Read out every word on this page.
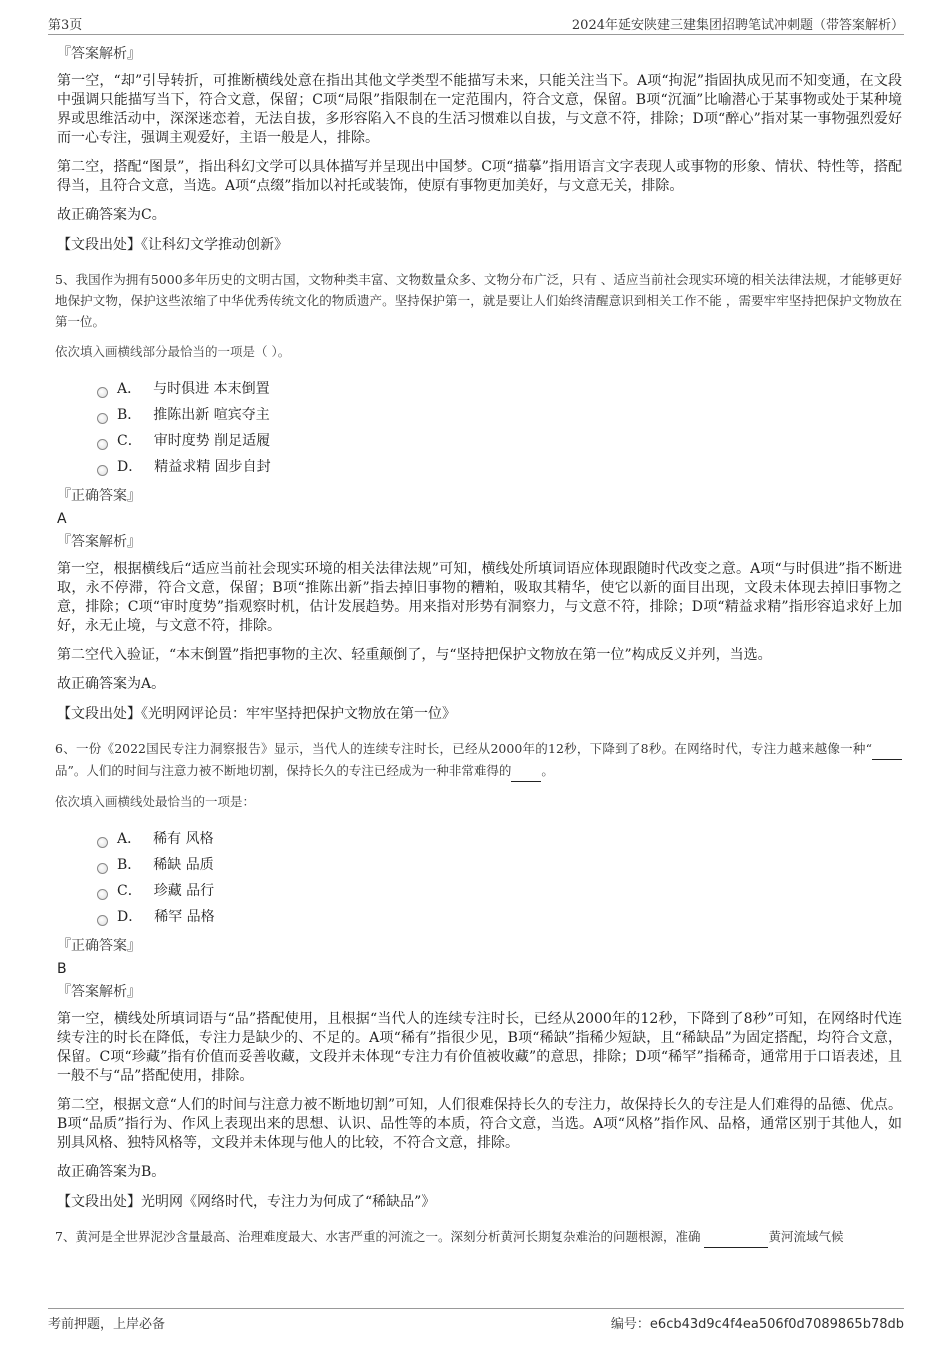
第3页	2024年延安陕建三建集团招聘笔试冲刺题（带答案解析）
『答案解析』

第一空，“却”引导转折，可推断横线处意在指出其他文学类型不能描写未来，只能关注当下。A项“拘泥”指固执成见而不知变通，在文段中强调只能描写当下，符合文意，保留；C项“局限”指限制在一定范围内，符合文意，保留。B项“沉湎”比喻潜心于某事物或处于某种境界或思维活动中，深深迷恋着，无法自拔，多形容陷入不良的生活习惯难以自拔，与文意不符，排除；D项“醉心”指对某一事物强烈爱好而一心专注，强调主观爱好，主语一般是人，排除。

第二空，搭配“图景”，指出科幻文学可以具体描写并呈现出中国梦。C项“描摹”指用语言文字表现人或事物的形象、情状、特性等，搭配得当，且符合文意，当选。A项“点缀”指加以衬托或装饰，使原有事物更加美好，与文意无关，排除。

故正确答案为C。

【文段出处】《让科幻文学推动创新》

5、我国作为拥有5000多年历史的文明古国，文物种类丰富、文物数量众多、文物分布广泛，只有 、适应当前社会现实环境的相关法律法规，才能够更好地保护文物，保护这些浓缩了中华优秀传统文化的物质遗产。坚持保护第一，就是要让人们始终清醒意识到相关工作不能 ，需要牢牢坚持把保护文物放在第一位。

依次填入画横线部分最恰当的一项是（ ）。

A． 与时俱进 本末倒置
B． 推陈出新 喧宾夺主
C． 审时度势 削足适履
D． 精益求精 固步自封
『正确答案』
A
『答案解析』

第一空，根据横线后“适应当前社会现实环境的相关法律法规”可知，横线处所填词语应体现跟随时代改变之意。A项“与时俱进”指不断进取，永不停滞，符合文意，保留；B项“推陈出新”指去掉旧事物的糟粕，吸取其精华，使它以新的面目出现，文段未体现去掉旧事物之意，排除；C项“审时度势”指观察时机，估计发展趋势。用来指对形势有洞察力，与文意不符，排除；D项“精益求精”指形容追求好上加好，永无止境，与文意不符，排除。

第二空代入验证，“本末倒置”指把事物的主次、轻重颠倒了，与“坚持把保护文物放在第一位”构成反义并列，当选。

故正确答案为A。

【文段出处】《光明网评论员：牢牢坚持把保护文物放在第一位》

6、一份《2022国民专注力洞察报告》显示，当代人的连续专注时长，已经从2000年的12秒，下降到了8秒。在网络时代，专注力越来越像一种“ 品”。人们的时间与注意力被不断地切割，保持长久的专注已经成为一种非常难得的 。

依次填入画横线处最恰当的一项是：

A． 稀有 风格
B． 稀缺 品质
C． 珍藏 品行
D． 稀罕 品格
『正确答案』
B
『答案解析』

第一空，横线处所填词语与“品”搭配使用，且根据“当代人的连续专注时长，已经从2000年的12秒，下降到了8秒”可知，在网络时代连续专注的时长在降低，专注力是缺少的、不足的。A项“稀有”指很少见，B项“稀缺”指稀少短缺，且“稀缺品”为固定搭配，均符合文意，保留。C项“珍藏”指有价值而妥善收藏，文段并未体现“专注力有价值被收藏”的意思，排除；D项“稀罕”指稀奇，通常用于口语表述，且一般不与“品”搭配使用，排除。

第二空，根据文意“人们的时间与注意力被不断地切割”可知，人们很难保持长久的专注力，故保持长久的专注是人们难得的品德、优点。B项“品质”指行为、作风上表现出来的思想、认识、品性等的本质，符合文意，当选。A项“风格”指作风、品格，通常区别于其他人，如别具风格、独特风格等，文段并未体现与他人的比较，不符合文意，排除。

故正确答案为B。

【文段出处】光明网《网络时代，专注力为何成了“稀缺品”》

7、黄河是全世界泥沙含量最高、治理难度最大、水害严重的河流之一。深刻分析黄河长期复杂难治的问题根源，准确	黄河流域气候

考前押题，上岸必备	编号：e6cb43d9c4f4ea506f0d7089865b78db
